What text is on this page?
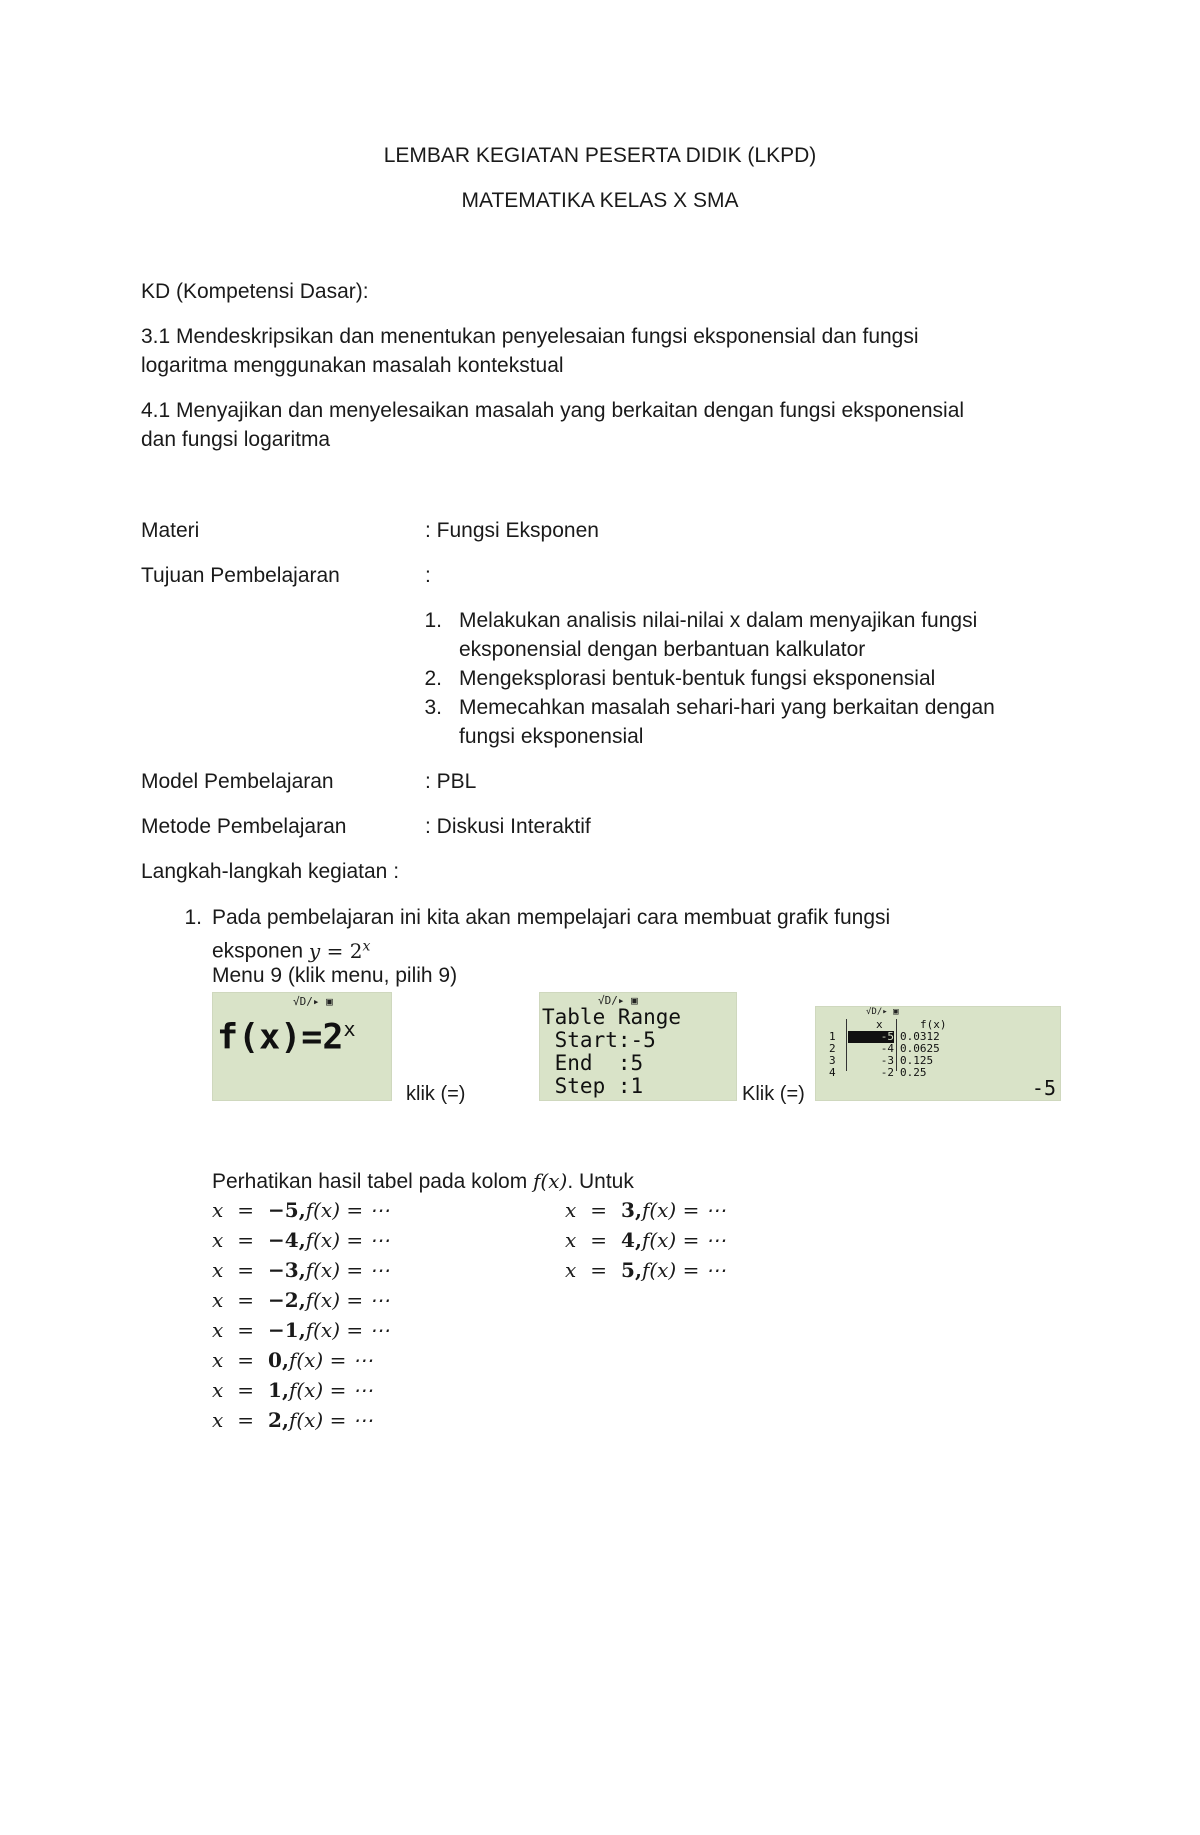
LEMBAR KEGIATAN PESERTA DIDIK (LKPD)
MATEMATIKA KELAS X SMA
KD (Kompetensi Dasar):
3.1 Mendeskripsikan dan menentukan penyelesaian fungsi eksponensial dan fungsi
logaritma menggunakan masalah kontekstual
4.1 Menyajikan dan menyelesaikan masalah yang berkaitan dengan fungsi eksponensial
dan fungsi logaritma
Materi	: Fungsi Eksponen
Tujuan Pembelajaran	:
1. Melakukan analisis nilai-nilai x dalam menyajikan fungsi
eksponensial dengan berbantuan kalkulator
2. Mengeksplorasi bentuk-bentuk fungsi eksponensial
3. Memecahkan masalah sehari-hari yang berkaitan dengan
fungsi eksponensial
Model Pembelajaran	: PBL
Metode Pembelajaran	: Diskusi Interaktif
Langkah-langkah kegiatan :
1. Pada pembelajaran ini kita akan mempelajari cara membuat grafik fungsi
eksponen $y = 2^x$
Menu 9 (klik menu, pilih 9)
√D/▸ ▣
$f(x)=2^x$
klik (=)
√D/▸ ▣
Table Range
Start:-5
End  :5
Step :1	Klik (=)
√D/▸ ▣
x	f(x)
1	-5 0.0312
2	-4 0.0625
3	-3 0.125
4	-2 0.25
-5
Perhatikan hasil tabel pada kolom f(x). Untuk
x = −5,f(x) = ⋯
x = −4,f(x) = ⋯
x = −3,f(x) = ⋯
x = −2,f(x) = ⋯
x = −1,f(x) = ⋯
x = 0,f(x) = ⋯
x = 1,f(x) = ⋯
x = 2,f(x) = ⋯
x = 3,f(x) = ⋯
x = 4,f(x) = ⋯
x = 5,f(x) = ⋯
